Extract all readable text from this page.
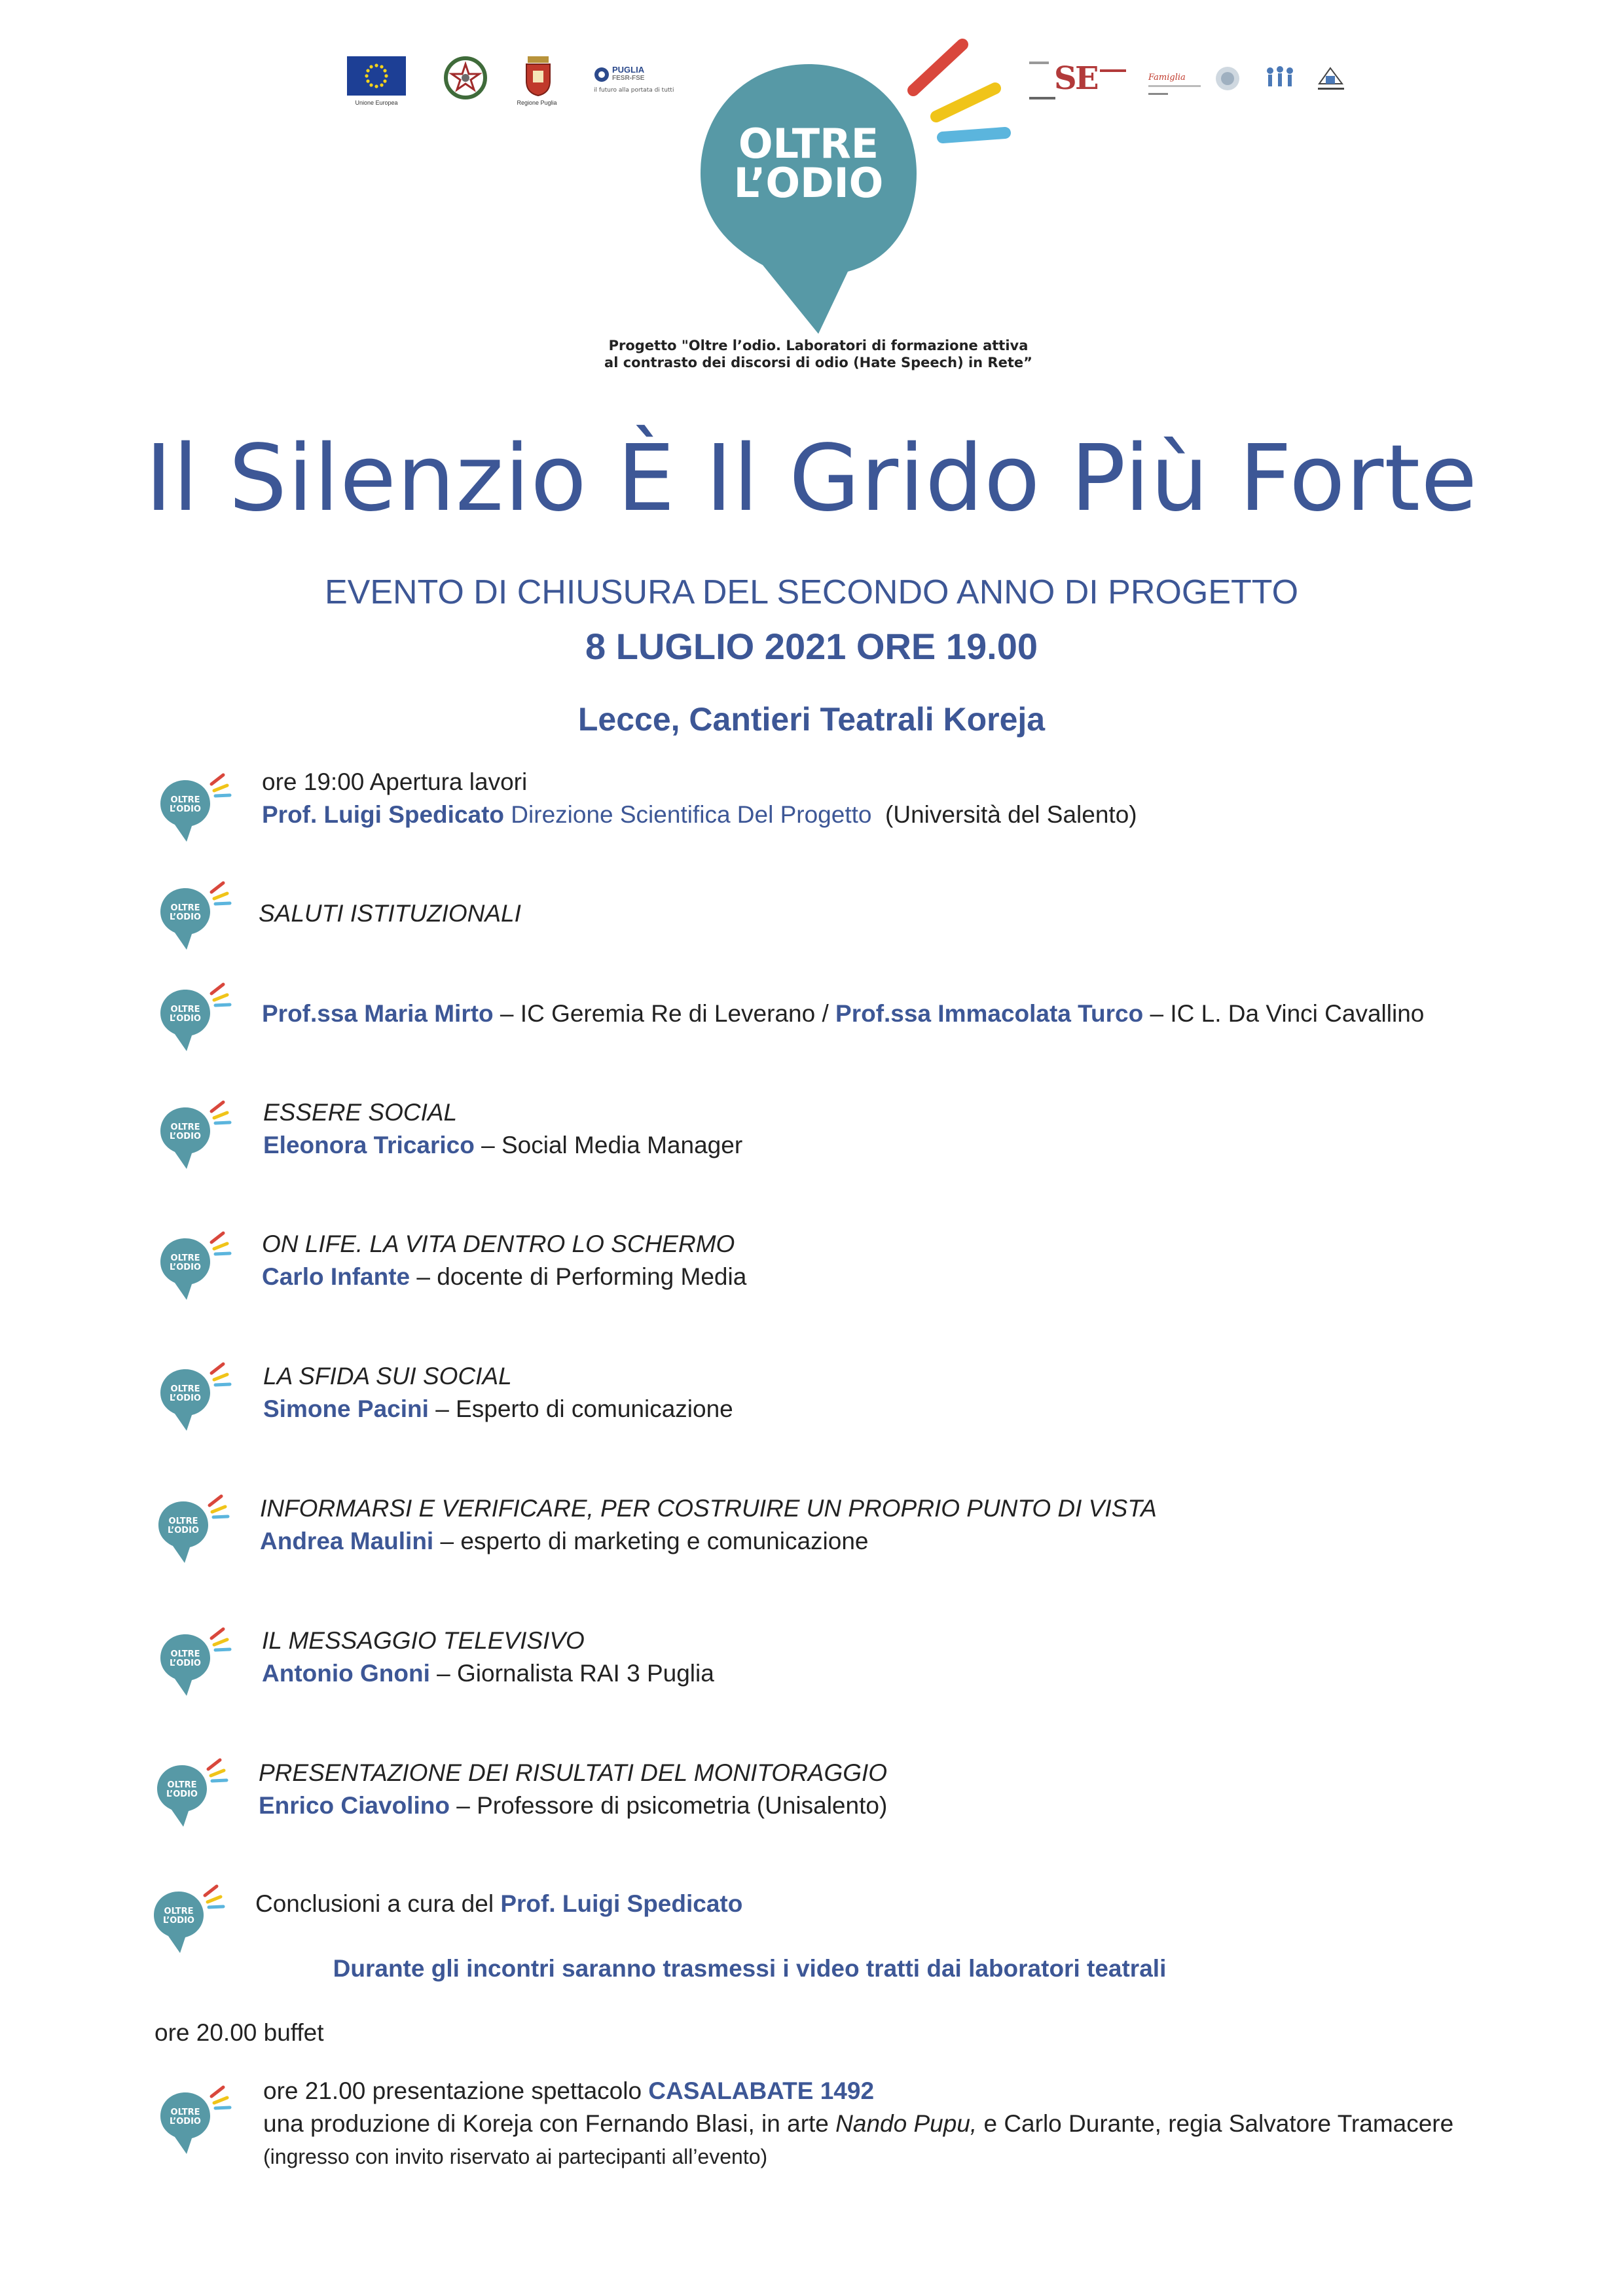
Unione Europea	Regione Puglia
il futuro alla portata di tutti
PUGLIA
FESR-FSE
OLTRE
L’ODIO
Progetto "Oltre l’odio. Laboratori di formazione attiva
al contrasto dei discorsi di odio (Hate Speech) in Rete”
S
E	Famiglia
Il Silenzio È Il Grido Più Forte
EVENTO DI CHIUSURA DEL SECONDO ANNO DI PROGETTO
8 LUGLIO 2021 ORE 19.00
Lecce, Cantieri Teatrali Koreja
OLTRE
L’ODIO
ore 19:00 Apertura lavori
Prof. Luigi Spedicato Direzione Scientifica Del Progetto  (Università del Salento)
OLTRE
L’ODIO SALUTI ISTITUZIONALI
OLTRE
L’ODIO	Prof.ssa Maria Mirto – IC Geremia Re di Leverano / Prof.ssa Immacolata Turco – IC L. Da Vinci Cavallino
OLTRE
L’ODIO
ESSERE SOCIAL
Eleonora Tricarico – Social Media Manager
OLTRE
L’ODIO
ON LIFE. LA VITA DENTRO LO SCHERMO
Carlo Infante – docente di Performing Media
OLTRE
L’ODIO
LA SFIDA SUI SOCIAL
Simone Pacini – Esperto di comunicazione
OLTRE
L’ODIO
INFORMARSI E VERIFICARE, PER COSTRUIRE UN PROPRIO PUNTO DI VISTA
Andrea Maulini – esperto di marketing e comunicazione
OLTRE
L’ODIO
IL MESSAGGIO TELEVISIVO
Antonio Gnoni – Giornalista RAI 3 Puglia
OLTRE
L’ODIO
PRESENTAZIONE DEI RISULTATI DEL MONITORAGGIO
Enrico Ciavolino – Professore di psicometria (Unisalento)
OLTRE
L’ODIO
Conclusioni a cura del Prof. Luigi Spedicato
Durante gli incontri saranno trasmessi i video tratti dai laboratori teatrali
ore 20.00 buffet
OLTRE
L’ODIO
ore 21.00 presentazione spettacolo CASALABATE 1492
una produzione di Koreja con Fernando Blasi, in arte Nando Pupu, e Carlo Durante, regia Salvatore Tramacere
(ingresso con invito riservato ai partecipanti all’evento)
